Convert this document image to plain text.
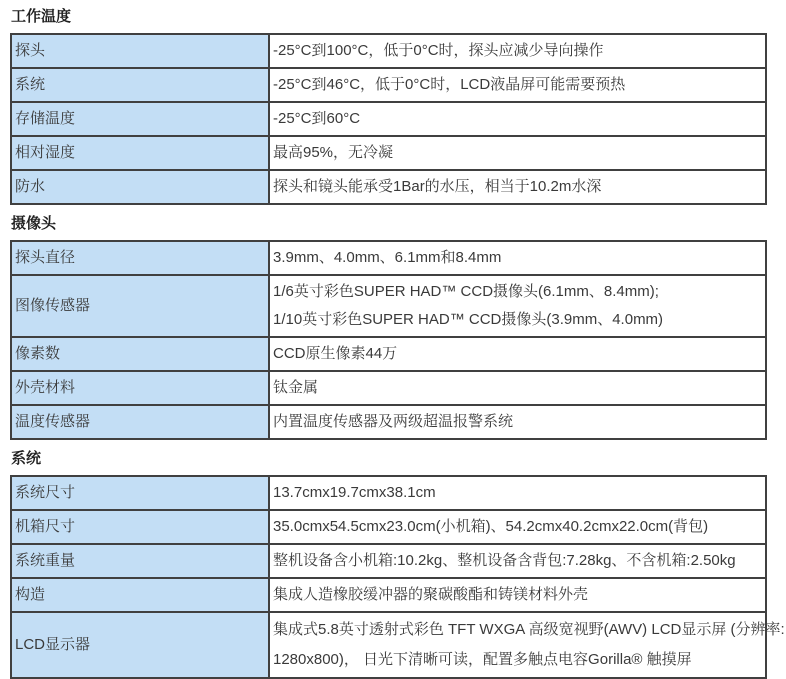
工作温度
探头	-25°C到100°C，低于0°C时，探头应减少导向操作

系统	-25°C到46°C，低于0°C时，LCD液晶屏可能需要预热

存储温度	-25°C到60°C

相对湿度	最高95%，无冷凝

防水	探头和镜头能承受1Bar的水压，相当于10.2m水深
摄像头
探头直径	3.9mm、4.0mm、6.1mm和8.4mm

图像传感器	1/6英寸彩色SUPER HAD™ CCD摄像头(6.1mm、8.4mm);
1/10英寸彩色SUPER HAD™ CCD摄像头(3.9mm、4.0mm)

像素数	CCD原生像素44万

外壳材料	钛金属

温度传感器	内置温度传感器及两级超温报警系统
系统
系统尺寸	13.7cmx19.7cmx38.1cm

机箱尺寸	35.0cmx54.5cmx23.0cm(小机箱)、54.2cmx40.2cmx22.0cm(背包)

系统重量	整机设备含小机箱:10.2kg、整机设备含背包:7.28kg、不含机箱:2.50kg

构造	集成人造橡胶缓冲器的聚碳酸酯和铸镁材料外壳

LCD显示器	集成式5.8英寸透射式彩色 TFT WXGA 高级宽视野(AWV) LCD显示屏 (分辨率:
1280x800)， 日光下清晰可读，配置多触点电容Gorilla® 触摸屏
